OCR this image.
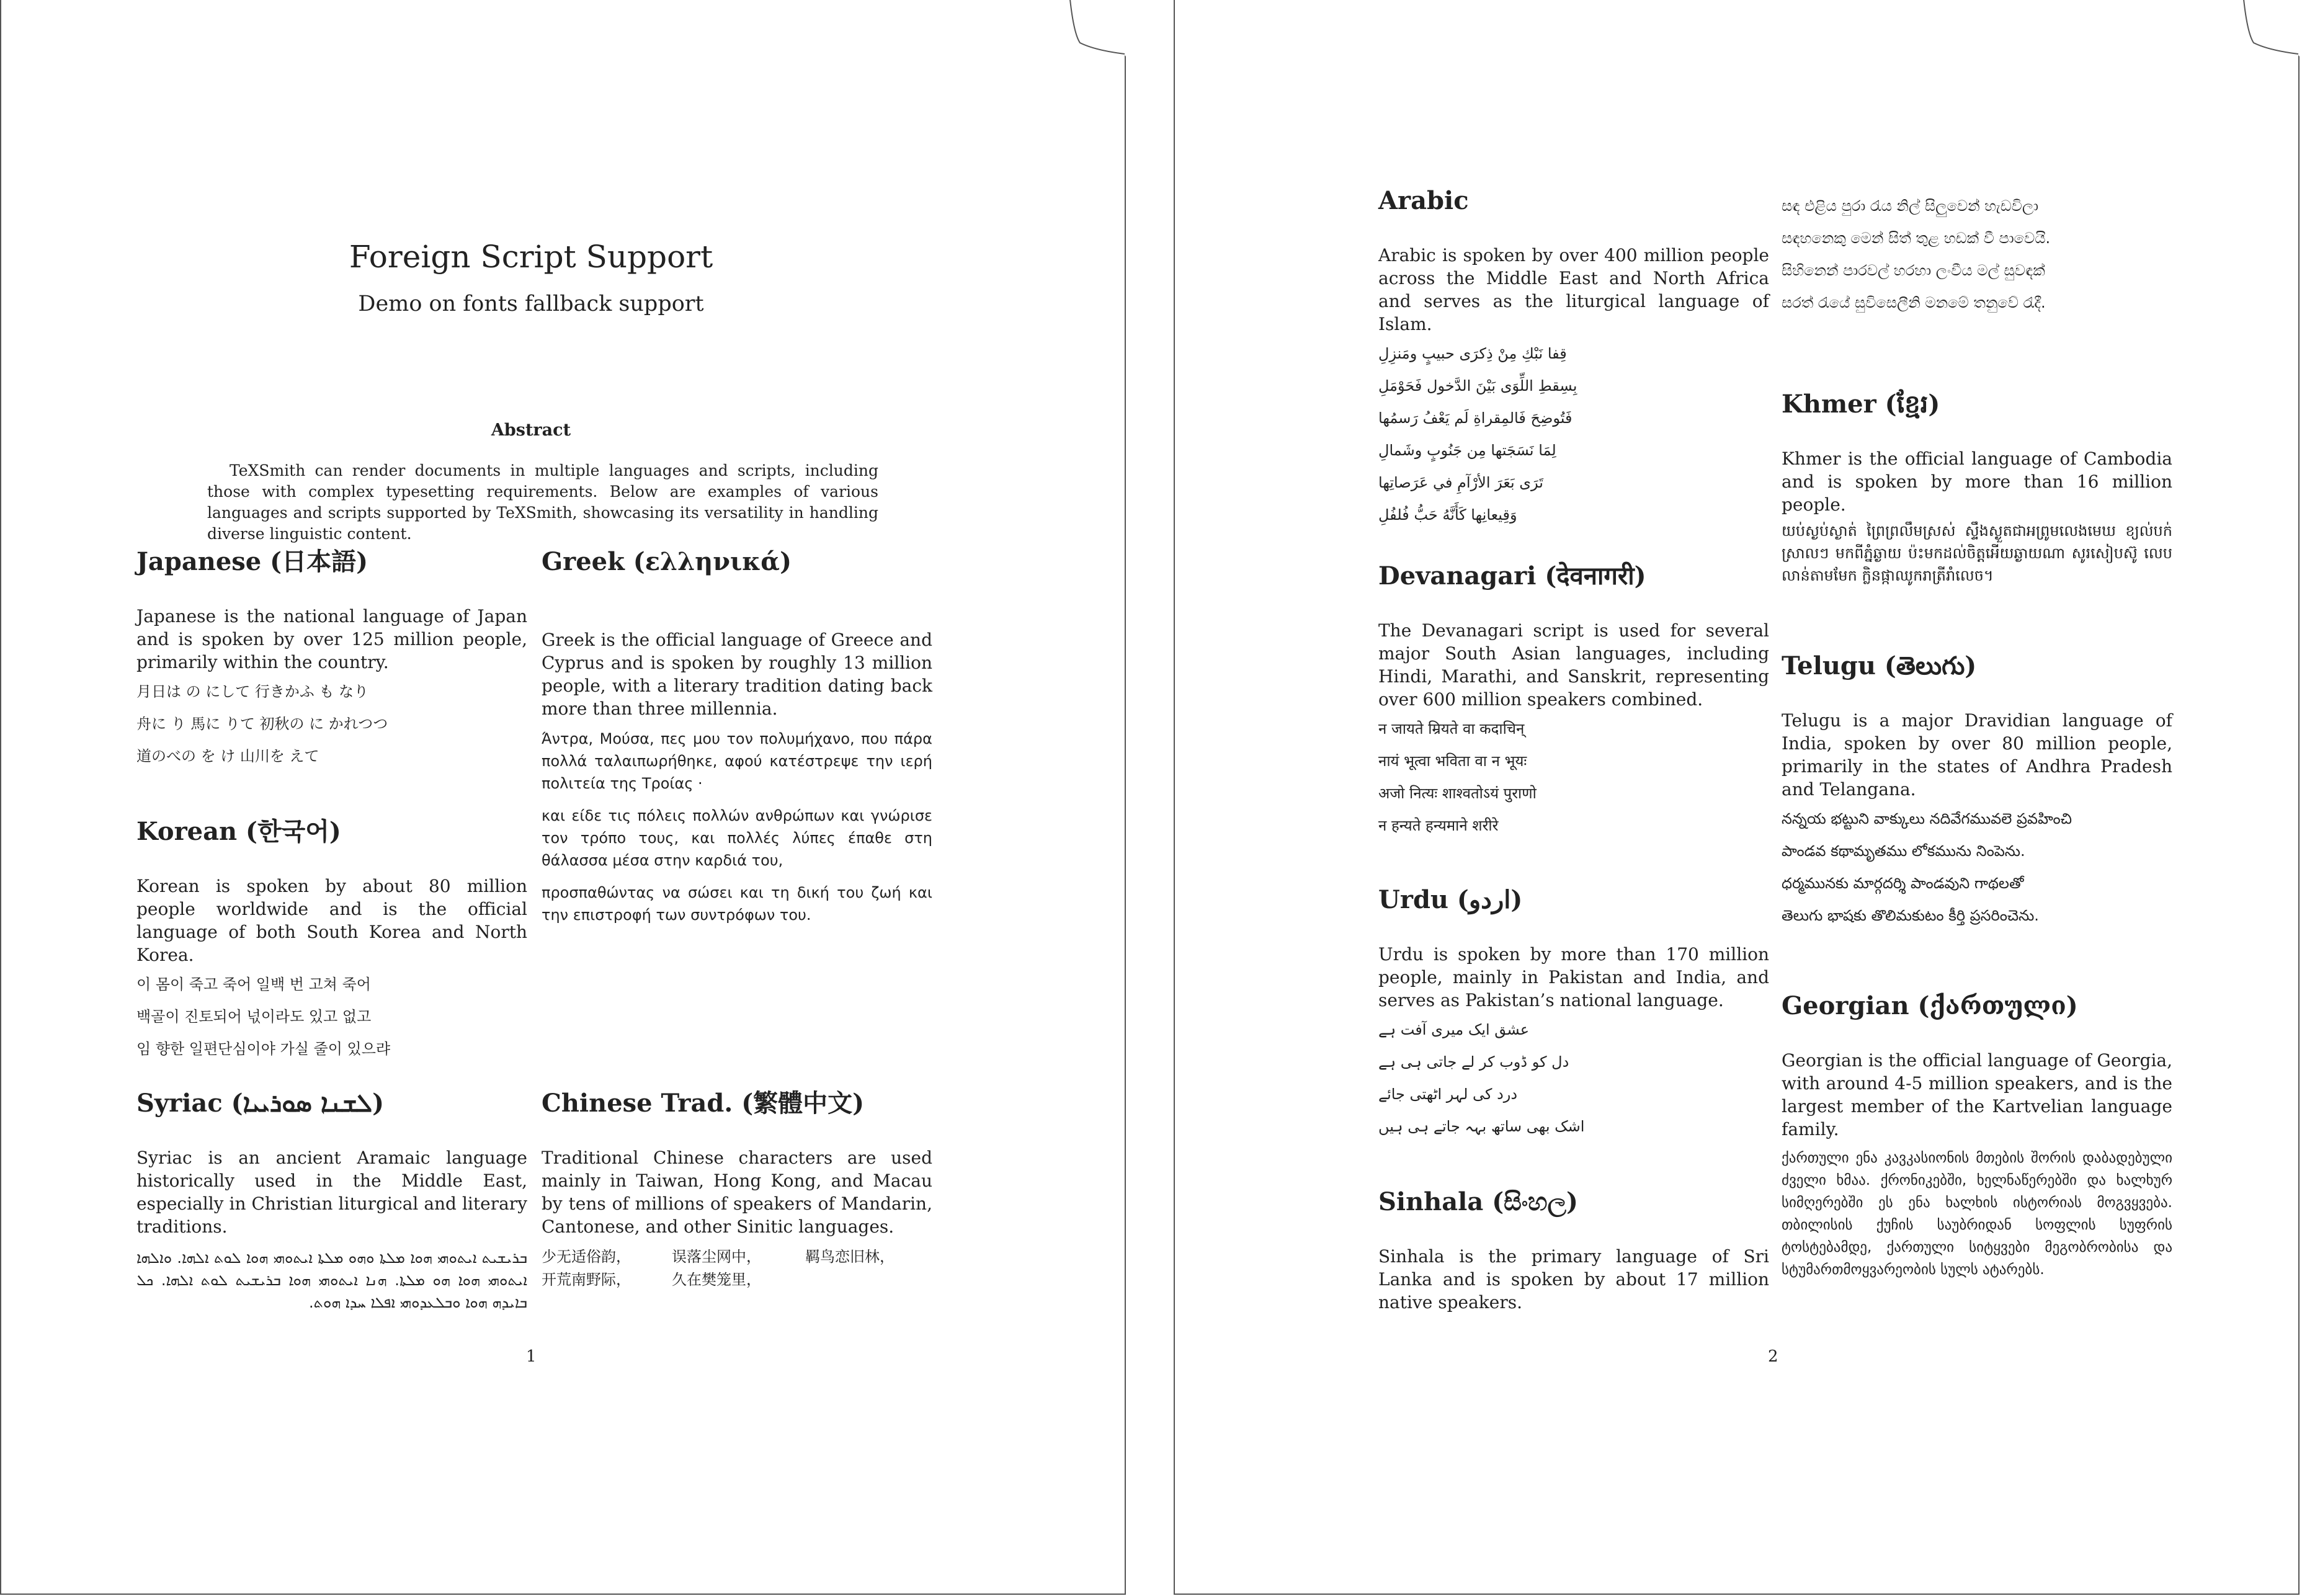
Foreign Script Support
Demo on fonts fallback support
Abstract
TeXSmith can render documents in multiple languages and scripts, including those with complex typesetting requirements. Below are examples of various languages and scripts supported by TeXSmith, showcasing its versatility in handling diverse linguistic content.
Japanese (日本語)

Japanese is the national language of Japan and is spoken by over 125 million people, primarily within the country.

月日は の にして 行きかふ も なり
舟に り 馬に りて 初秋の に かれつつ
道のべの を け 山川を えて
Korean (한국어)

Korean is spoken by about 80 million people worldwide and is the official language of both South Korea and North Korea.

이 몸이 죽고 죽어 일백 번 고쳐 죽어
백골이 진토되어 넋이라도 있고 없고
임 향한 일편단심이야 가실 줄이 있으랴
Syriac (ܠܫܢܐ ܣܘܪܝܝܐ)

Syriac is an ancient Aramaic language historically used in the Middle East, especially in Christian liturgical and literary traditions.

ܒܪܝܫܝܬ ܐܝܬܘܗܝ ܗܘܐ ܡܠܬܐ ܘܗܘ ܡܠܬܐ ܐܝܬܘܗܝ ܗܘܐ ܠܘܬ ܐܠܗܐ. ܘܐܠܗܐ ܐܝܬܘܗܝ ܗܘܐ ܗܘ ܡܠܬܐ. ܗܢܐ ܐܝܬܘܗܝ ܗܘܐ ܒܪܝܫܝܬ ܠܘܬ ܐܠܗܐ. ܟܠ ܒܐܝܕܗ ܗܘܐ ܘܒܠܥܕܘܗܝ ܐܦܠܐ ܚܕܐ ܗܘܬ.
Greek (ελληνικά)

Greek is the official language of Greece and Cyprus and is spoken by roughly 13 million people, with a literary tradition dating back more than three millennia.

Άντρα, Μούσα, πες μου τον πολυμήχανο, που πάρα πολλά ταλαιπωρήθηκε, αφού κατέστρεψε την ιερή πολιτεία της Τροίας ·
και είδε τις πόλεις πολλών ανθρώπων και γνώρισε τον τρόπο τους, και πολλές λύπες έπαθε στη θάλασσα μέσα στην καρδιά του,
προσπαθώντας να σώσει και τη δική του ζωή και την επιστροφή των συντρόφων του.
Chinese Trad. (繁體中文)

Traditional Chinese characters are used mainly in Taiwan, Hong Kong, and Macau by tens of millions of speakers of Mandarin, Cantonese, and other Sinitic languages.

少无适俗韵，	误落尘网中，	羁鸟恋旧林，
开荒南野际，	久在樊笼里，
1
Arabic

Arabic is spoken by over 400 million people across the Middle East and North Africa and serves as the liturgical language of Islam.

قِفا نَبْكِ مِنْ ذِكرَى حبيبٍ ومَنزِلِ
بِسِقطِ اللِّوَى بَيْنَ الدَّخول فَحَوْمَلِ
فَتُوضِحَ فَالمِقراةِ لَم يَعْفُ رَسمُها
لِمَا نَسَجَتها مِن جَنُوبٍ وشَمالِ
تَرَى بَعَرَ الأرْآمِ في عَرَصاتِها
وَقِيعانِها كَأَنَّهُ حَبُّ فُلفُلِ
Devanagari (देवनागरी)

The Devanagari script is used for several major South Asian languages, including Hindi, Marathi, and Sanskrit, representing over 600 million speakers combined.

न जायते म्रियते वा कदाचिन्
नायं भूत्वा भविता वा न भूयः
अजो नित्यः शाश्वतोऽयं पुराणो
न हन्यते हन्यमाने शरीरे
Urdu (اردو)

Urdu is spoken by more than 170 million people, mainly in Pakistan and India, and serves as Pakistan’s national language.

عشق ایک میری آفت ہے
دل کو ڈوب کر لے جاتی ہی ہے
درد کی لہر اٹھتی جائے
اشک بھی ساتھ بہہ جاتے ہی ہیں
Sinhala (සිංහල)

Sinhala is the primary language of Sri Lanka and is spoken by about 17 million native speakers.

සඳ එළිය පුරා රැය නිල් සිලුවෙන් හැඩවිලා
සඳහනෙකු මෙන් සිත් තුළ හඩක් වී පාවෙයි.
සිහිනෙන් පාරවල් හරහා ලංවීය මල් සුවඳක්
සරත් රැයේ සුවිසෙලීනි මනමේ තනුවේ රැදී.
Khmer (ខ្មែរ)

Khmer is the official language of Cambodia and is spoken by more than 16 million people.

យប់ស្ងប់ស្ងាត់ ព្រៃព្រលឹមស្រស់ ស្ទឹងស្ងួតជាអព្រូមលេងមេឃ ខ្យល់បក់ស្រាលៗ មកពីភ្នំឆ្ងាយ ប៉ះមកដល់ចិត្តអើយឆ្ងាយណា សូរសៀបស៊ូ លេបលាន់តាមមែក ក្លិនផ្កាឈូករាត្រីរាំលេច។
Telugu (తెలుగు)

Telugu is a major Dravidian language of India, spoken by over 80 million people, primarily in the states of Andhra Pradesh and Telangana.

నన్నయ భట్టుని వాక్కులు నదివేగమువలె ప్రవహించి
పాండవ కథామృతము లోకమును నింపెను.
ధర్మమునకు మార్గదర్శి పాండవుని గాథలతో
తెలుగు భాషకు తొలిమకుటం కీర్తి ప్రసరించెను.
Georgian (ქართული)

Georgian is the official language of Georgia, with around 4-5 million speakers, and is the largest member of the Kartvelian language family.

ქართული ენა კავკასიონის მთების შორის დაბადებული ძველი ხმაა. ქრონიკებში, ხელნაწერებში და ხალხურ სიმღერებში ეს ენა ხალხის ისტორიას მოგვყვება. თბილისის ქუჩის საუბრიდან სოფლის სუფრის ტოსტებამდე, ქართული სიტყვები მეგობრობისა და სტუმართმოყვარეობის სულს ატარებს.
2
